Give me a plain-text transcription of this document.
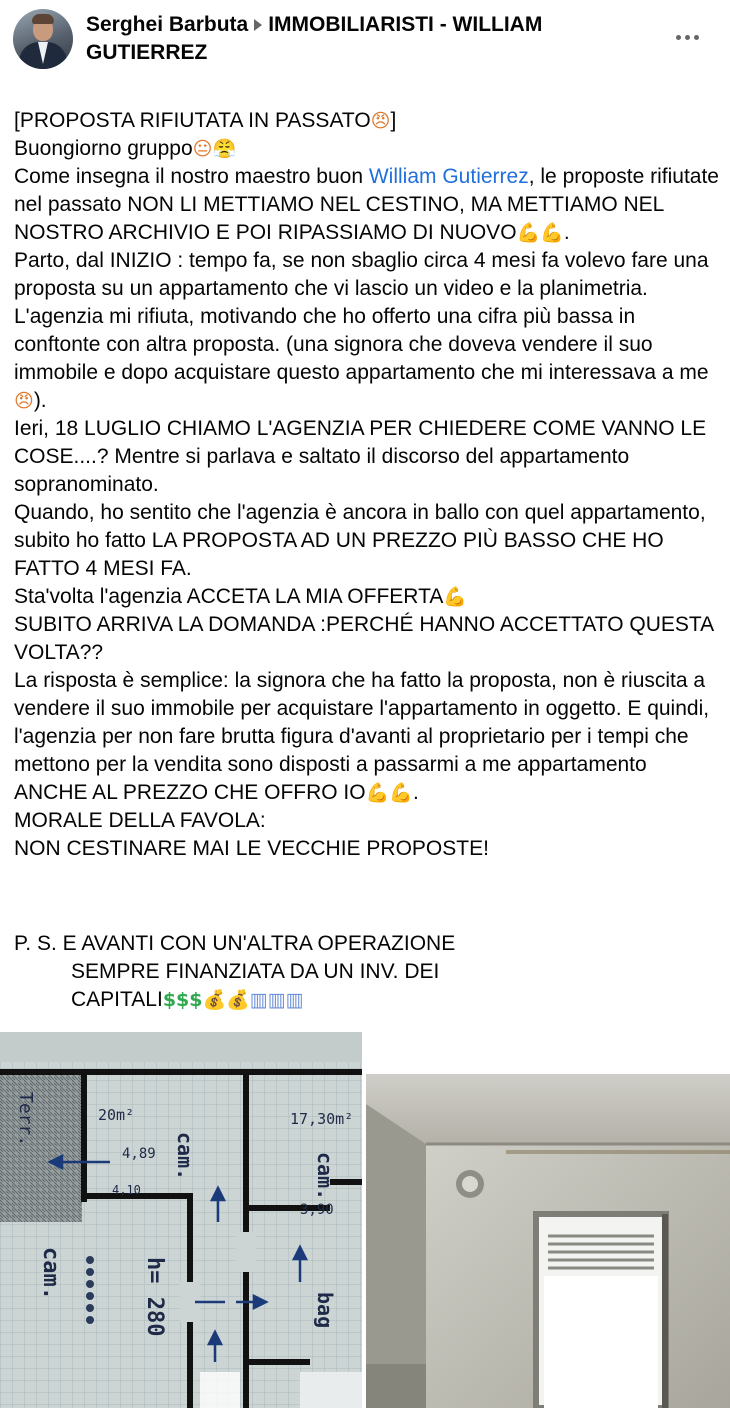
Serghei Barbuta IMMOBILIARISTI - WILLIAM GUTIERREZ

[PROPOSTA RIFIUTATA IN PASSATO😠]

Buongiorno gruppo😐😤

Come insegna il nostro maestro buon William Gutierrez, le proposte rifiutate nel passato NON LI METTIAMO NEL CESTINO, MA METTIAMO NEL NOSTRO ARCHIVIO E POI RIPASSIAMO DI NUOVO💪💪.

Parto, dal INIZIO : tempo fa, se non sbaglio circa 4 mesi fa volevo fare una proposta su un appartamento che vi lascio un video e la planimetria. L'agenzia mi rifiuta, motivando che ho offerto una cifra più bassa in conftonte con altra proposta. (una signora che doveva vendere il suo immobile e dopo acquistare questo appartamento che mi interessava a me😠).

Ieri, 18 LUGLIO CHIAMO L'AGENZIA PER CHIEDERE COME VANNO LE COSE....? Mentre si parlava e saltato il discorso del appartamento sopranominato.

Quando, ho sentito che l'agenzia è ancora in ballo con quel appartamento, subito ho fatto LA PROPOSTA AD UN PREZZO PIÙ BASSO CHE HO FATTO 4 MESI FA.

Sta'volta l'agenzia ACCETA LA MIA OFFERTA💪

SUBITO ARRIVA LA DOMANDA :PERCHÉ HANNO ACCETTATO QUESTA VOLTA??

La risposta è semplice: la signora che ha fatto la proposta, non è riuscita a vendere il suo immobile per acquistare l'appartamento in oggetto. E quindi, l'agenzia per non fare brutta figura d'avanti al proprietario per i tempi che mettono per la vendita sono disposti a passarmi a me appartamento ANCHE AL PREZZO CHE OFFRO IO💪💪.

MORALE DELLA FAVOLA:

NON CESTINARE MAI LE VECCHIE PROPOSTE!

P. S. E AVANTI CON UN'ALTRA OPERAZIONE

SEMPRE FINANZIATA DA UN INV. DEI

CAPITALI$$$💰💰▥▥▥

20m²
4,89
4,10
17,30m²
3,90
cam.	cam.
cam.	h= 280	bag
Terr.
